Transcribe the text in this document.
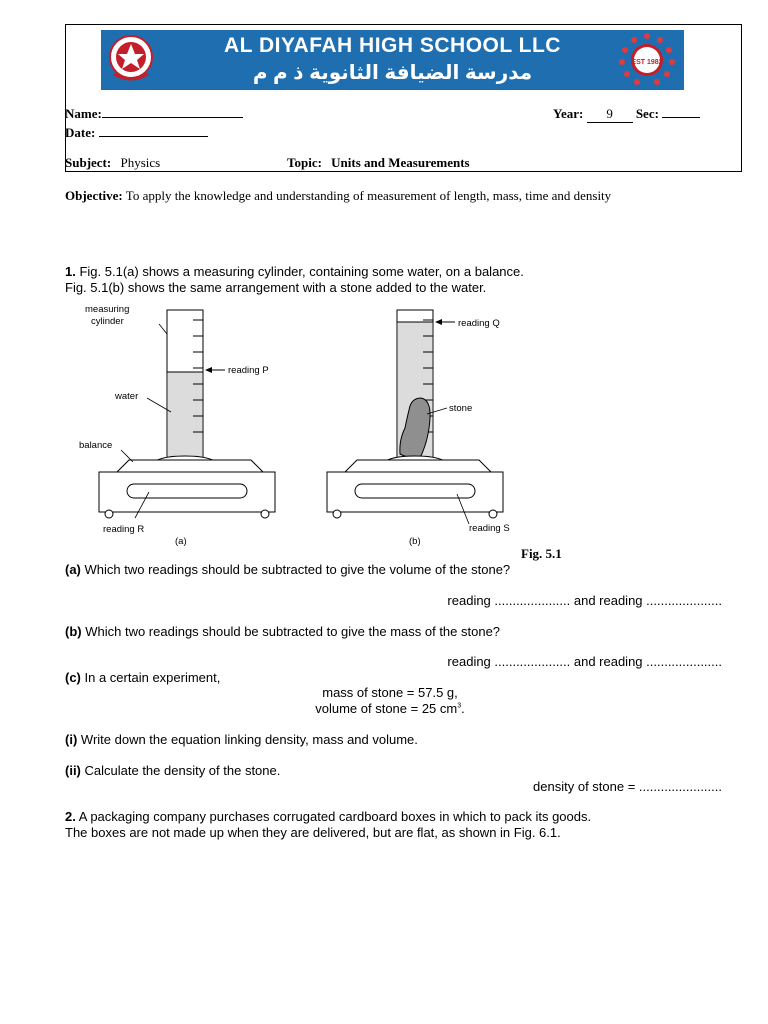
AL DIYAFAH HIGH SCHOOL LLC
مدرسة الضيافة الثانوية ذ م م	EST 1982
Name:	Year: 9 Sec:
Date:
Subject: Physics	Topic: Units and Measurements
Objective: To apply the knowledge and understanding of measurement of length, mass, time and density
1. Fig. 5.1(a) shows a measuring cylinder, containing some water, on a balance.
Fig. 5.1(b) shows the same arrangement with a stone added to the water.
measuring
cylinder
water
balance
reading P
reading R
(a)
reading Q
stone
reading S
(b)
Fig. 5.1
(a) Which two readings should be subtracted to give the volume of the stone?
reading ..................... and reading .....................
(b) Which two readings should be subtracted to give the mass of the stone?
reading ..................... and reading .....................
(c) In a certain experiment,
mass of stone = 57.5 g,
volume of stone = 25 $cm^3$.
(i) Write down the equation linking density, mass and volume.
(ii) Calculate the density of the stone.
density of stone = .......................
2. A packaging company purchases corrugated cardboard boxes in which to pack its goods.
The boxes are not made up when they are delivered, but are flat, as shown in Fig. 6.1.
